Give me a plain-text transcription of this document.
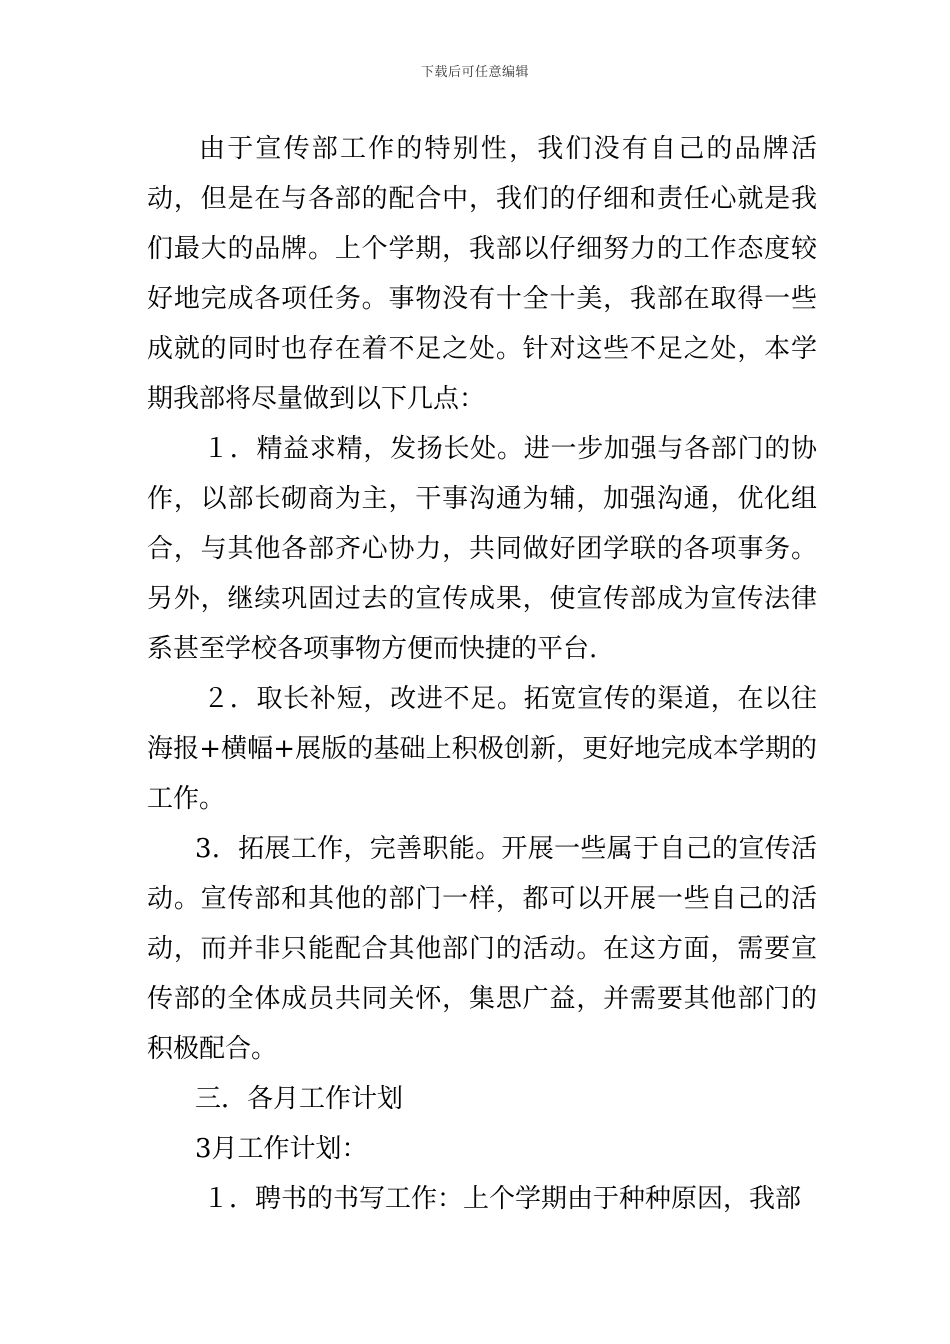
下载后可任意编辑

由于宣传部工作的特别性，我们没有自己的品牌活动，但是在与各部的配合中，我们的仔细和责任心就是我们最大的品牌。上个学期，我部以仔细努力的工作态度较好地完成各项任务。事物没有十全十美，我部在取得一些成就的同时也存在着不足之处。针对这些不足之处，本学期我部将尽量做到以下几点：

１．精益求精，发扬长处。进一步加强与各部门的协作，以部长砌商为主，干事沟通为辅，加强沟通，优化组合，与其他各部齐心协力，共同做好团学联的各项事务。另外，继续巩固过去的宣传成果，使宣传部成为宣传法律系甚至学校各项事物方便而快捷的平台.

２．取长补短，改进不足。拓宽宣传的渠道，在以往海报+横幅+展版的基础上积极创新，更好地完成本学期的工作。

3．拓展工作，完善职能。开展一些属于自己的宣传活动。宣传部和其他的部门一样，都可以开展一些自己的活动，而并非只能配合其他部门的活动。在这方面，需要宣传部的全体成员共同关怀，集思广益，并需要其他部门的积极配合。

三．各月工作计划

3月工作计划：

１．聘书的书写工作：上个学期由于种种原因，我部
